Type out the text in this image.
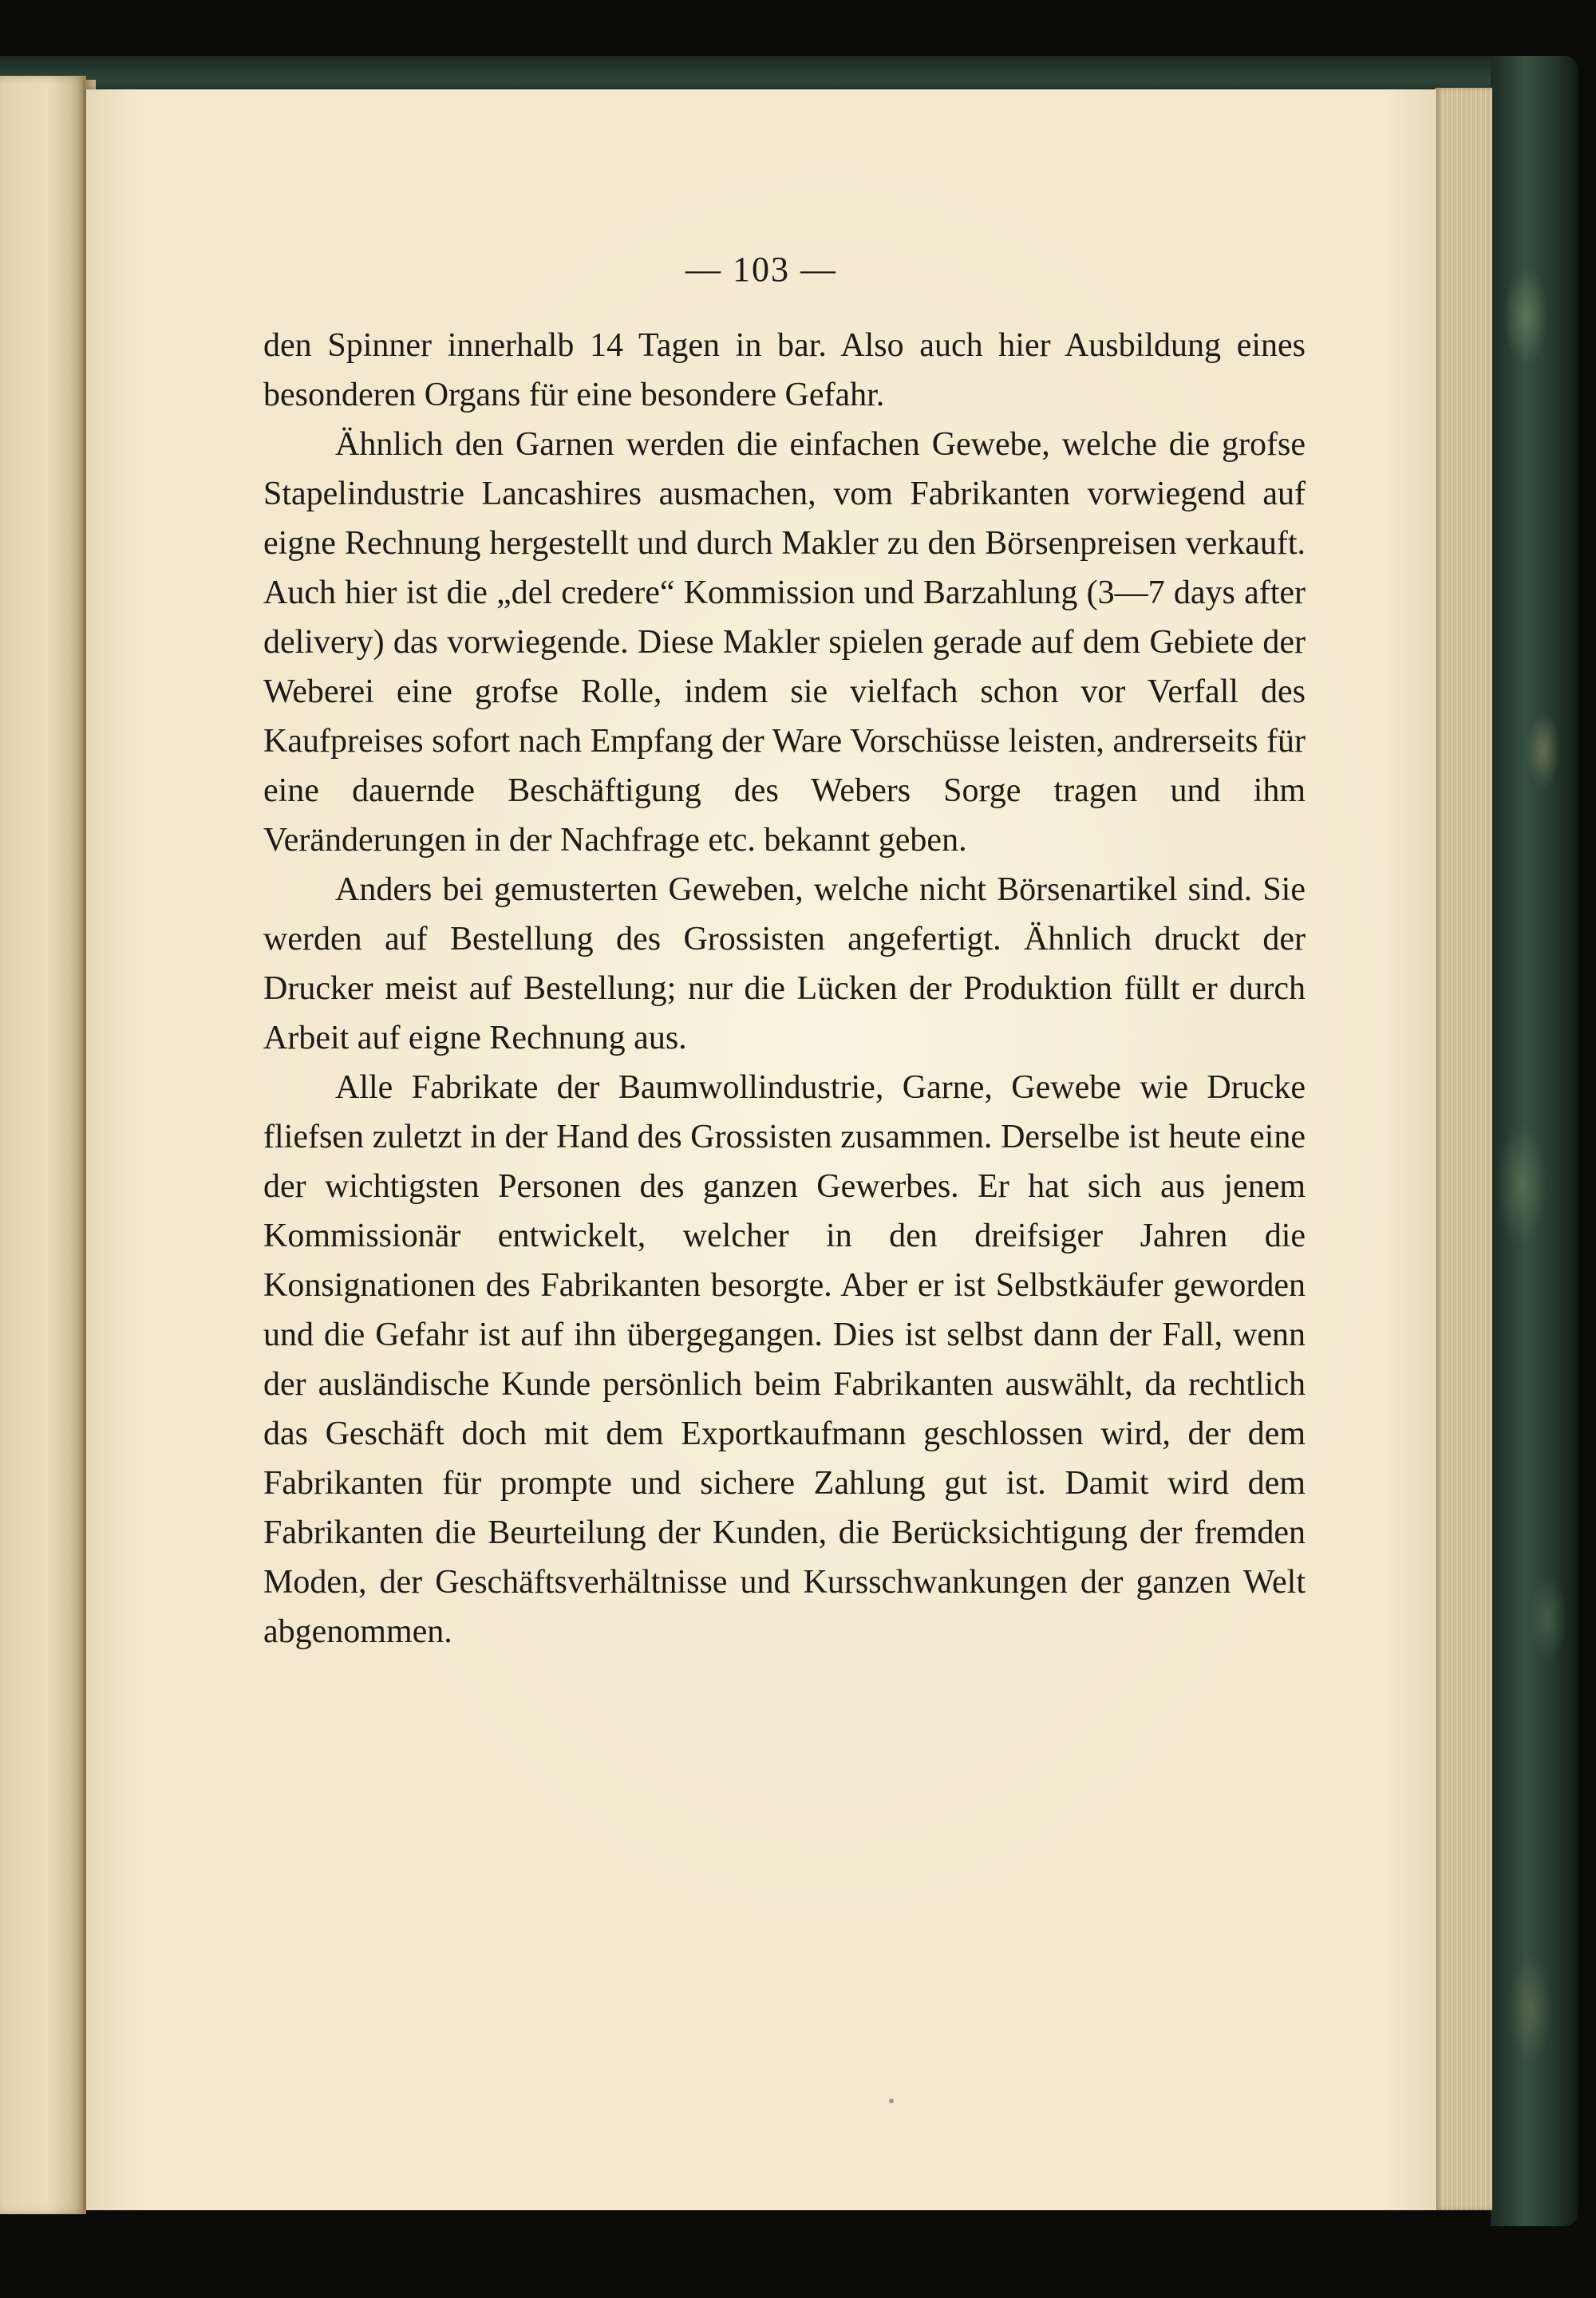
— 103 —

den Spinner innerhalb 14 Tagen in bar. Also auch hier Ausbildung eines besonderen Organs für eine besondere Gefahr.

Ähnlich den Garnen werden die einfachen Gewebe, welche die grofse Stapelindustrie Lancashires ausmachen, vom Fabrikanten vorwiegend auf eigne Rechnung hergestellt und durch Makler zu den Börsenpreisen verkauft. Auch hier ist die „del credere“ Kommission und Barzahlung (3—7 days after delivery) das vorwiegende. Diese Makler spielen gerade auf dem Gebiete der Weberei eine grofse Rolle, indem sie vielfach schon vor Verfall des Kaufpreises sofort nach Empfang der Ware Vorschüsse leisten, andrerseits für eine dauernde Beschäftigung des Webers Sorge tragen und ihm Veränderungen in der Nachfrage etc. bekannt geben.

Anders bei gemusterten Geweben, welche nicht Börsenartikel sind. Sie werden auf Bestellung des Grossisten angefertigt. Ähnlich druckt der Drucker meist auf Bestellung; nur die Lücken der Produktion füllt er durch Arbeit auf eigne Rechnung aus.

Alle Fabrikate der Baumwollindustrie, Garne, Gewebe wie Drucke fliefsen zuletzt in der Hand des Grossisten zusammen. Derselbe ist heute eine der wichtigsten Personen des ganzen Gewerbes. Er hat sich aus jenem Kommissionär entwickelt, welcher in den dreifsiger Jahren die Konsignationen des Fabrikanten besorgte. Aber er ist Selbstkäufer geworden und die Gefahr ist auf ihn übergegangen. Dies ist selbst dann der Fall, wenn der ausländische Kunde persönlich beim Fabrikanten auswählt, da rechtlich das Geschäft doch mit dem Exportkaufmann geschlossen wird, der dem Fabrikanten für prompte und sichere Zahlung gut ist. Damit wird dem Fabrikanten die Beurteilung der Kunden, die Berücksichtigung der fremden Moden, der Geschäftsverhältnisse und Kursschwankungen der ganzen Welt abgenommen.
